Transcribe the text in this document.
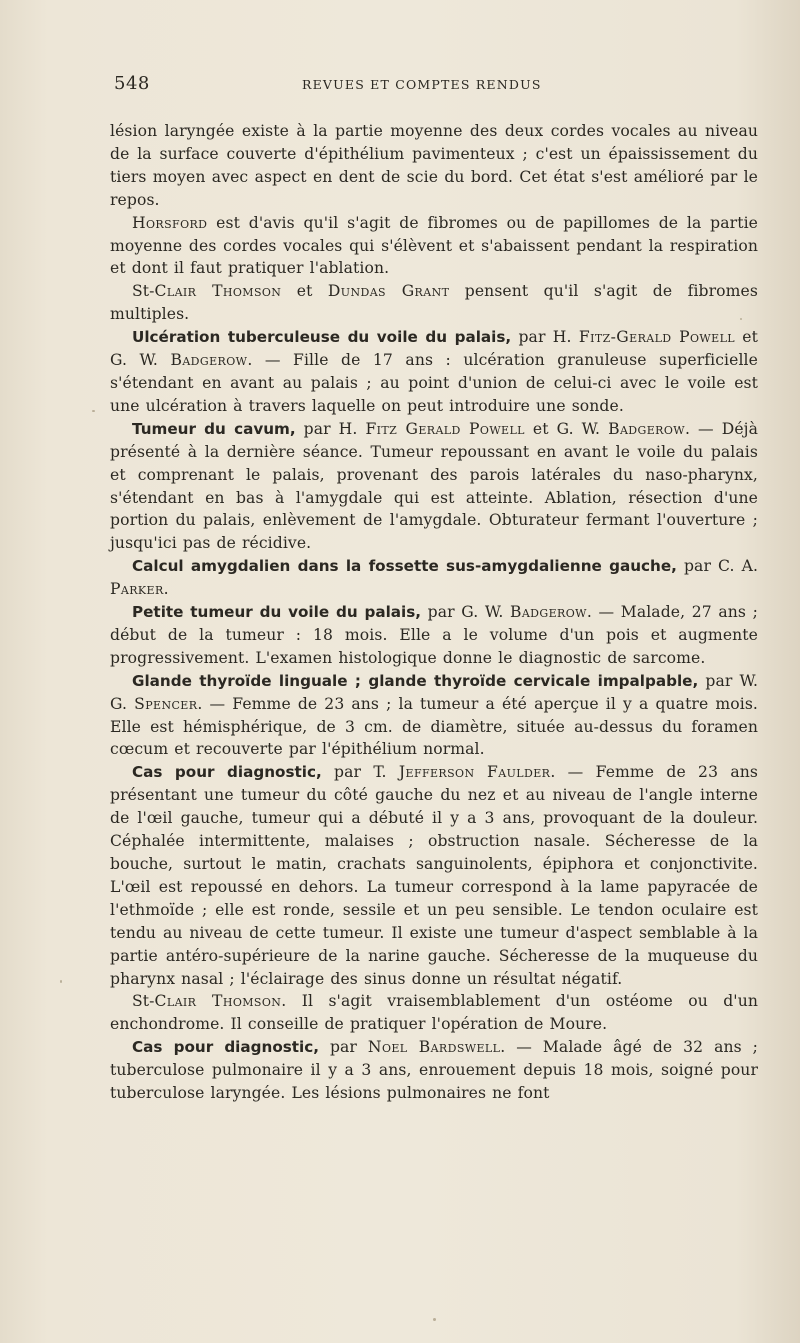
548	REVUES ET COMPTES RENDUS

lésion laryngée existe à la partie moyenne des deux cordes vocales au niveau de la surface couverte d'épithélium pavimenteux ; c'est un épaississement du tiers moyen avec aspect en dent de scie du bord. Cet état s'est amélioré par le repos.

Horsford est d'avis qu'il s'agit de fibromes ou de papillomes de la partie moyenne des cordes vocales qui s'élèvent et s'abaissent pendant la respiration et dont il faut pratiquer l'ablation.

St-Clair Thomson et Dundas Grant pensent qu'il s'agit de fibromes multiples.

Ulcération tuberculeuse du voile du palais, par H. Fitz-Gerald Powell et G. W. Badgerow. — Fille de 17 ans : ulcération granuleuse superficielle s'étendant en avant au palais ; au point d'union de celui-ci avec le voile est une ulcération à travers laquelle on peut introduire une sonde.

Tumeur du cavum, par H. Fitz Gerald Powell et G. W. Badgerow. — Déjà présenté à la dernière séance. Tumeur repoussant en avant le voile du palais et comprenant le palais, provenant des parois latérales du naso-pharynx, s'étendant en bas à l'amygdale qui est atteinte. Ablation, résection d'une portion du palais, enlèvement de l'amygdale. Obturateur fermant l'ouverture ; jusqu'ici pas de récidive.

Calcul amygdalien dans la fossette sus-amygdalienne gauche, par C. A. Parker.

Petite tumeur du voile du palais, par G. W. Badgerow. — Malade, 27 ans ; début de la tumeur : 18 mois. Elle a le volume d'un pois et augmente progressivement. L'examen histologique donne le diagnostic de sarcome.

Glande thyroïde linguale ; glande thyroïde cervicale impalpable, par W. G. Spencer. — Femme de 23 ans ; la tumeur a été aperçue il y a quatre mois. Elle est hémisphérique, de 3 cm. de diamètre, située au-dessus du foramen cœcum et recouverte par l'épithélium normal.

Cas pour diagnostic, par T. Jefferson Faulder. — Femme de 23 ans présentant une tumeur du côté gauche du nez et au niveau de l'angle interne de l'œil gauche, tumeur qui a débuté il y a 3 ans, provoquant de la douleur. Céphalée intermittente, malaises ; obstruction nasale. Sécheresse de la bouche, surtout le matin, crachats sanguinolents, épiphora et conjonctivite. L'œil est repoussé en dehors. La tumeur correspond à la lame papyracée de l'ethmoïde ; elle est ronde, sessile et un peu sensible. Le tendon oculaire est tendu au niveau de cette tumeur. Il existe une tumeur d'aspect semblable à la partie antéro-supérieure de la narine gauche. Sécheresse de la muqueuse du pharynx nasal ; l'éclairage des sinus donne un résultat négatif.

St-Clair Thomson. Il s'agit vraisemblablement d'un ostéome ou d'un enchondrome. Il conseille de pratiquer l'opération de Moure.

Cas pour diagnostic, par Noel Bardswell. — Malade âgé de 32 ans ; tuberculose pulmonaire il y a 3 ans, enrouement depuis 18 mois, soigné pour tuberculose laryngée. Les lésions pulmonaires ne font
